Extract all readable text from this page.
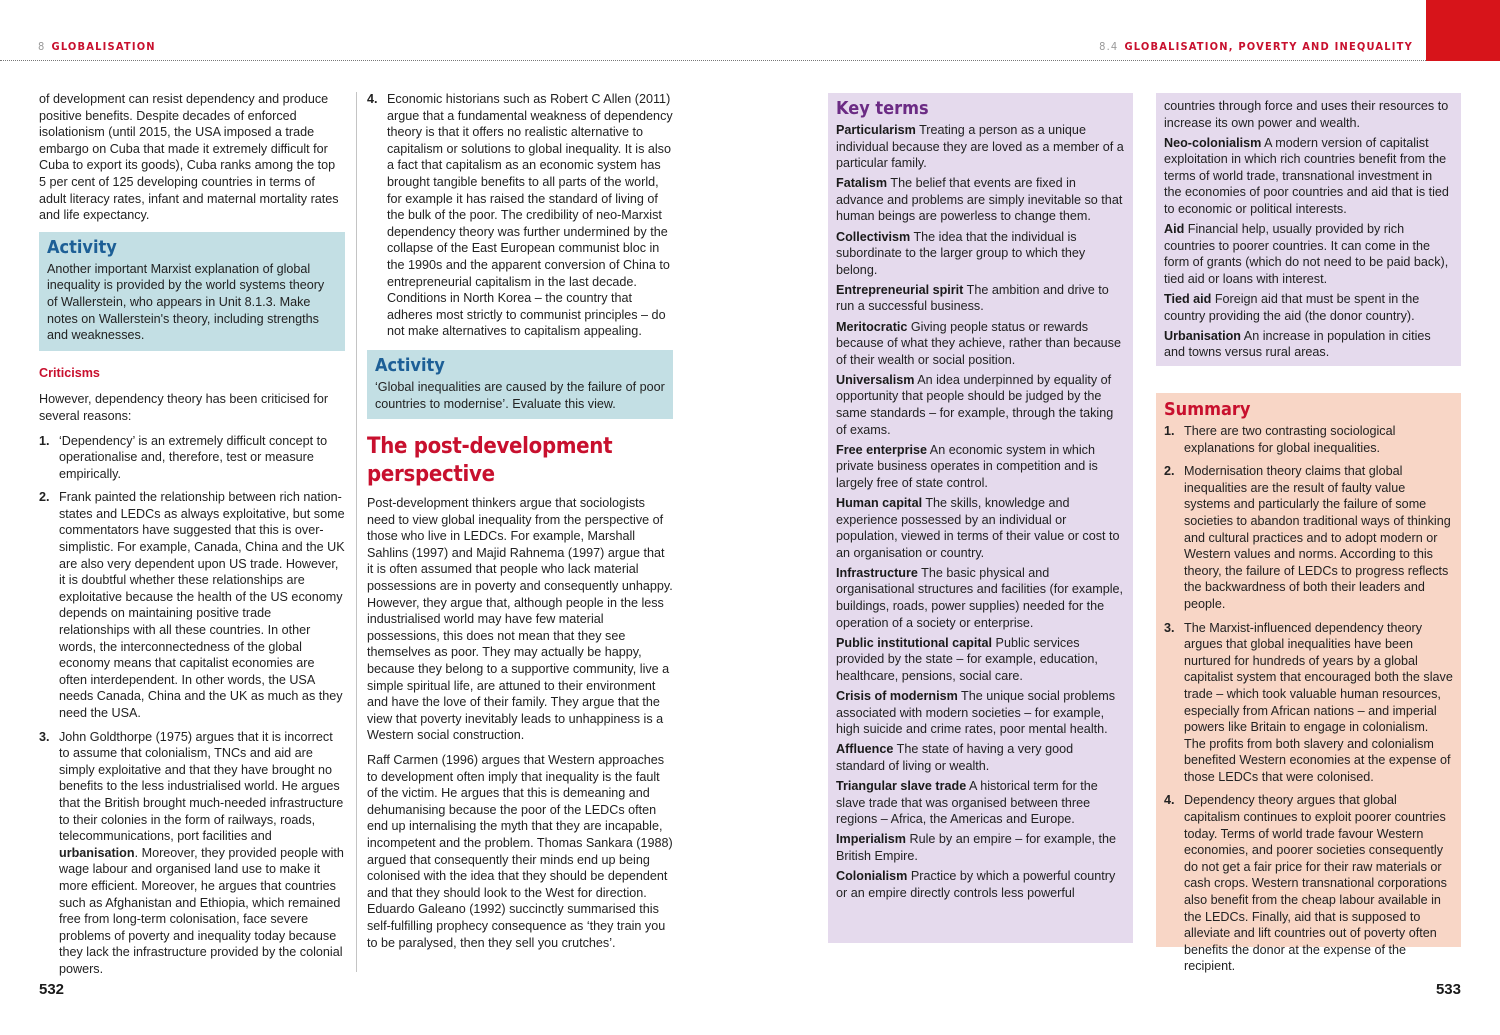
8 GLOBALISATION	8.4 GLOBALISATION, POVERTY AND INEQUALITY

of development can resist dependency and produce positive benefits. Despite decades of enforced isolationism (until 2015, the USA imposed a trade embargo on Cuba that made it extremely difficult for Cuba to export its goods), Cuba ranks among the top 5 per cent of 125 developing countries in terms of adult literacy rates, infant and maternal mortality rates and life expectancy.

Activity

Another important Marxist explanation of global inequality is provided by the world systems theory of Wallerstein, who appears in Unit 8.1.3. Make notes on Wallerstein's theory, including strengths and weaknesses.

Criticisms

However, dependency theory has been criticised for several reasons:

1. ‘Dependency’ is an extremely difficult concept to operationalise and, therefore, test or measure empirically.
2. Frank painted the relationship between rich nation-states and LEDCs as always exploitative, but some commentators have suggested that this is over-simplistic. For example, Canada, China and the UK are also very dependent upon US trade. However, it is doubtful whether these relationships are exploitative because the health of the US economy depends on maintaining positive trade relationships with all these countries. In other words, the interconnectedness of the global economy means that capitalist economies are often interdependent. In other words, the USA needs Canada, China and the UK as much as they need the USA.
3. John Goldthorpe (1975) argues that it is incorrect to assume that colonialism, TNCs and aid are simply exploitative and that they have brought no benefits to the less industrialised world. He argues that the British brought much-needed infrastructure to their colonies in the form of railways, roads, telecommunications, port facilities and urbanisation. Moreover, they provided people with wage labour and organised land use to make it more efficient. Moreover, he argues that countries such as Afghanistan and Ethiopia, which remained free from long-term colonisation, face severe problems of poverty and inequality today because they lack the infrastructure provided by the colonial powers.
4. Economic historians such as Robert C Allen (2011) argue that a fundamental weakness of dependency theory is that it offers no realistic alternative to capitalism or solutions to global inequality. It is also a fact that capitalism as an economic system has brought tangible benefits to all parts of the world, for example it has raised the standard of living of the bulk of the poor. The credibility of neo-Marxist dependency theory was further undermined by the collapse of the East European communist bloc in the 1990s and the apparent conversion of China to entrepreneurial capitalism in the last decade. Conditions in North Korea – the country that adheres most strictly to communist principles – do not make alternatives to capitalism appealing.
Activity

‘Global inequalities are caused by the failure of poor countries to modernise’. Evaluate this view.

The post-development perspective

Post-development thinkers argue that sociologists need to view global inequality from the perspective of those who live in LEDCs. For example, Marshall Sahlins (1997) and Majid Rahnema (1997) argue that it is often assumed that people who lack material possessions are in poverty and consequently unhappy. However, they argue that, although people in the less industrialised world may have few material possessions, this does not mean that they see themselves as poor. They may actually be happy, because they belong to a supportive community, live a simple spiritual life, are attuned to their environment and have the love of their family. They argue that the view that poverty inevitably leads to unhappiness is a Western social construction.

Raff Carmen (1996) argues that Western approaches to development often imply that inequality is the fault of the victim. He argues that this is demeaning and dehumanising because the poor of the LEDCs often end up internalising the myth that they are incapable, incompetent and the problem. Thomas Sankara (1988) argued that consequently their minds end up being colonised with the idea that they should be dependent and that they should look to the West for direction. Eduardo Galeano (1992) succinctly summarised this self-fulfilling prophecy consequence as ‘they train you to be paralysed, then they sell you crutches’.

Key terms
Particularism Treating a person as a unique individual because they are loved as a member of a particular family.
Fatalism The belief that events are fixed in advance and problems are simply inevitable so that human beings are powerless to change them.
Collectivism The idea that the individual is subordinate to the larger group to which they belong.
Entrepreneurial spirit The ambition and drive to run a successful business.
Meritocratic Giving people status or rewards because of what they achieve, rather than because of their wealth or social position.
Universalism An idea underpinned by equality of opportunity that people should be judged by the same standards – for example, through the taking of exams.
Free enterprise An economic system in which private business operates in competition and is largely free of state control.
Human capital The skills, knowledge and experience possessed by an individual or population, viewed in terms of their value or cost to an organisation or country.
Infrastructure The basic physical and organisational structures and facilities (for example, buildings, roads, power supplies) needed for the operation of a society or enterprise.
Public institutional capital Public services provided by the state – for example, education, healthcare, pensions, social care.
Crisis of modernism The unique social problems associated with modern societies – for example, high suicide and crime rates, poor mental health.
Affluence The state of having a very good standard of living or wealth.
Triangular slave trade A historical term for the slave trade that was organised between three regions – Africa, the Americas and Europe.
Imperialism Rule by an empire – for example, the British Empire.
Colonialism Practice by which a powerful country or an empire directly controls less powerful
countries through force and uses their resources to increase its own power and wealth.
Neo-colonialism A modern version of capitalist exploitation in which rich countries benefit from the terms of world trade, transnational investment in the economies of poor countries and aid that is tied to economic or political interests.
Aid Financial help, usually provided by rich countries to poorer countries. It can come in the form of grants (which do not need to be paid back), tied aid or loans with interest.
Tied aid Foreign aid that must be spent in the country providing the aid (the donor country).
Urbanisation An increase in population in cities and towns versus rural areas.
Summary
1. There are two contrasting sociological explanations for global inequalities.
2. Modernisation theory claims that global inequalities are the result of faulty value systems and particularly the failure of some societies to abandon traditional ways of thinking and cultural practices and to adopt modern or Western values and norms. According to this theory, the failure of LEDCs to progress reflects the backwardness of both their leaders and people.
3. The Marxist-influenced dependency theory argues that global inequalities have been nurtured for hundreds of years by a global capitalist system that encouraged both the slave trade – which took valuable human resources, especially from African nations – and imperial powers like Britain to engage in colonialism. The profits from both slavery and colonialism benefited Western economies at the expense of those LEDCs that were colonised.
4. Dependency theory argues that global capitalism continues to exploit poorer countries today. Terms of world trade favour Western economies, and poorer societies consequently do not get a fair price for their raw materials or cash crops. Western transnational corporations also benefit from the cheap labour available in the LEDCs. Finally, aid that is supposed to alleviate and lift countries out of poverty often benefits the donor at the expense of the recipient.
532	533
